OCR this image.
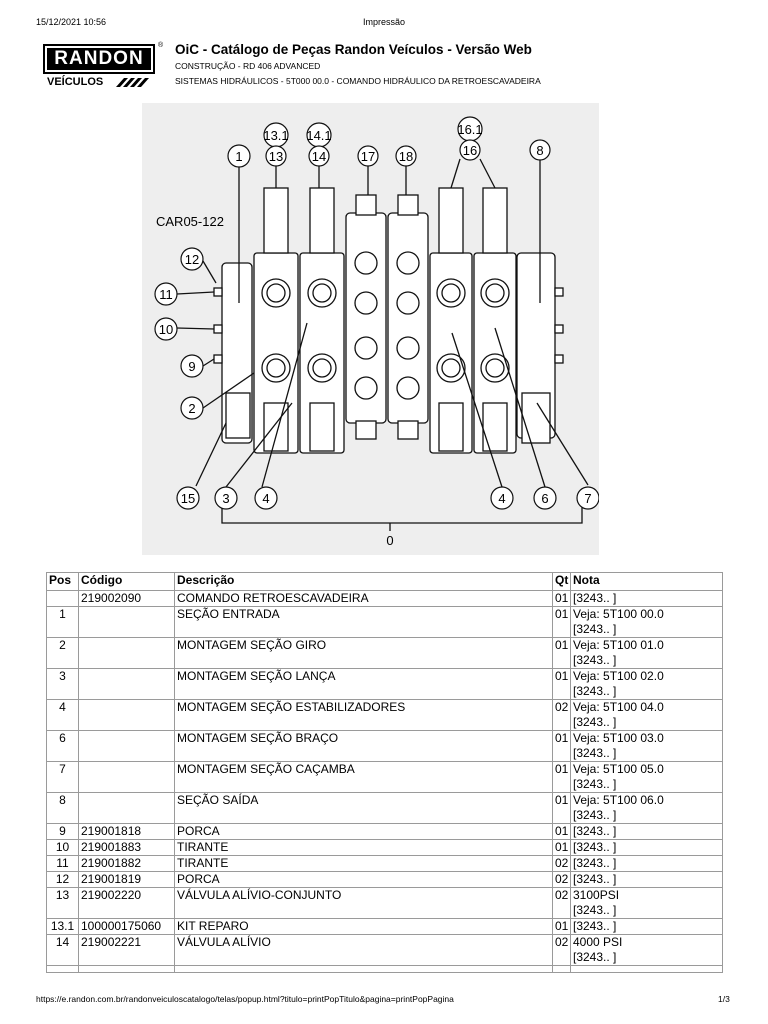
15/12/2021 10:56	Impressão
RANDON
®
VEÍCULOS
OiC - Catálogo de Peças Randon Veículos - Versão Web
CONSTRUÇÃO - RD 406 ADVANCED
SISTEMAS HIDRÁULICOS - 5T000 00.0 - COMANDO HIDRÁULICO DA RETROESCAVADEIRA
13.1 14.1	16.1
1 13 14	17 18	16	8
12
11
10
9
2
15 3	4	4	6	7
0
CAR05-122
Pos	Código	Descrição	Qt	Nota
	219002090	COMANDO RETROESCAVADEIRA	01	[3243.. ]

1		SEÇÃO ENTRADA	01	Veja: 5T100 00.0
[3243.. ]

2		MONTAGEM SEÇÃO GIRO	01	Veja: 5T100 01.0
[3243.. ]

3		MONTAGEM SEÇÃO LANÇA	01	Veja: 5T100 02.0
[3243.. ]

4		MONTAGEM SEÇÃO ESTABILIZADORES	02	Veja: 5T100 04.0
[3243.. ]

6		MONTAGEM SEÇÃO BRAÇO	01	Veja: 5T100 03.0
[3243.. ]

7		MONTAGEM SEÇÃO CAÇAMBA	01	Veja: 5T100 05.0
[3243.. ]

8		SEÇÃO SAÍDA	01	Veja: 5T100 06.0
[3243.. ]

9	219001818	PORCA	01	[3243.. ]

10	219001883	TIRANTE	01	[3243.. ]

11	219001882	TIRANTE	02	[3243.. ]

12	219001819	PORCA	02	[3243.. ]

13	219002220	VÁLVULA ALÍVIO-CONJUNTO	02	3100PSI
[3243.. ]

13.1	100000175060	KIT REPARO	01	[3243.. ]

14	219002221	VÁLVULA ALÍVIO	02	4000 PSI
[3243.. ]

https://e.randon.com.br/randonveiculoscatalogo/telas/popup.html?titulo=printPopTitulo&pagina=printPopPagina	1/3
